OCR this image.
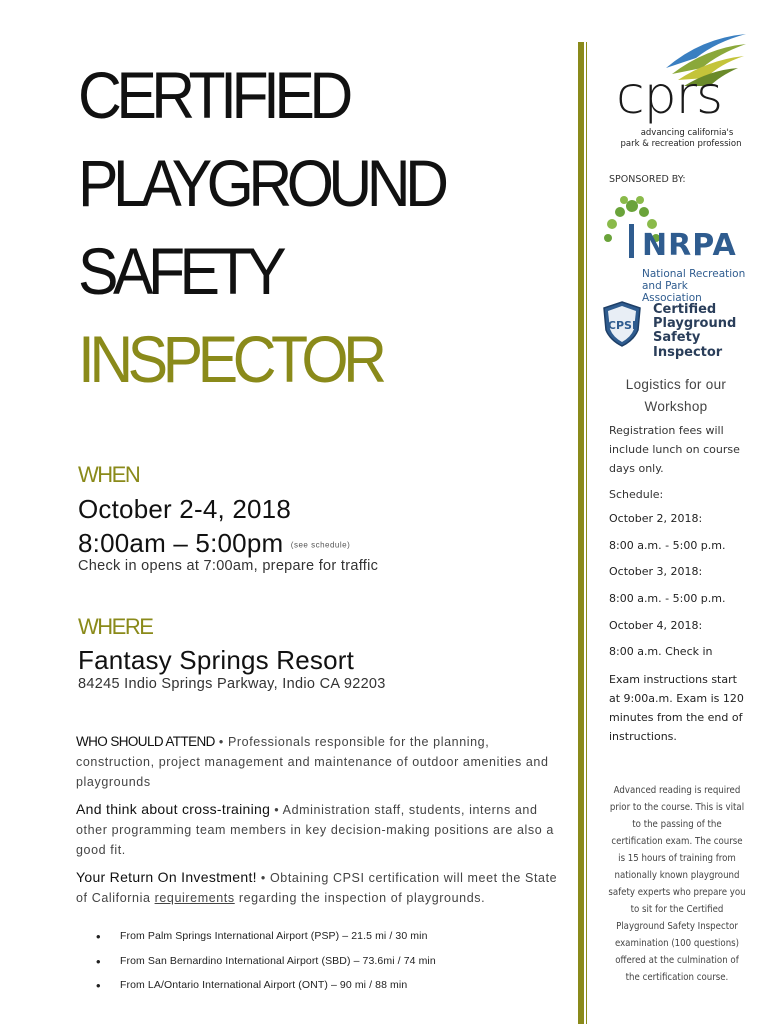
CERTIFIED
PLAYGROUND
SAFETY
INSPECTOR
WHEN
October 2-4, 2018
8:00am – 5:00pm (see schedule)
Check in opens at 7:00am, prepare for traffic
WHERE
Fantasy Springs Resort
84245 Indio Springs Parkway, Indio CA 92203
WHO SHOULD ATTEND • Professionals responsible for the planning, construction, project management and maintenance of outdoor amenities and playgrounds
And think about cross-training • Administration staff, students, interns and other programming team members in key decision-making positions are also a good fit.
Your Return On Investment! • Obtaining CPSI certification will meet the State of California requirements regarding the inspection of playgrounds.
• From Palm Springs International Airport (PSP) – 21.5 mi / 30 min
• From San Bernardino International Airport (SBD) – 73.6mi / 74 min
• From LA/Ontario International Airport (ONT) – 90 mi / 88 min
cprs
advancing california's
park & recreation profession
SPONSORED BY:
NRPA
National Recreation
and Park Association
CPSI
Certified
Playground
Safety Inspector
Logistics for our Workshop
Registration fees will include lunch on course days only.
Schedule:
October 2, 2018:
8:00 a.m. - 5:00 p.m.
October 3, 2018:
8:00 a.m. - 5:00 p.m.
October 4, 2018:
8:00 a.m. Check in
Exam instructions start at 9:00a.m. Exam is 120 minutes from the end of instructions.
Advanced reading is required prior to the course. This is vital to the passing of the certification exam. The course is 15 hours of training from nationally known playground safety experts who prepare you to sit for the Certified Playground Safety Inspector examination (100 questions) offered at the culmination of the certification course.
